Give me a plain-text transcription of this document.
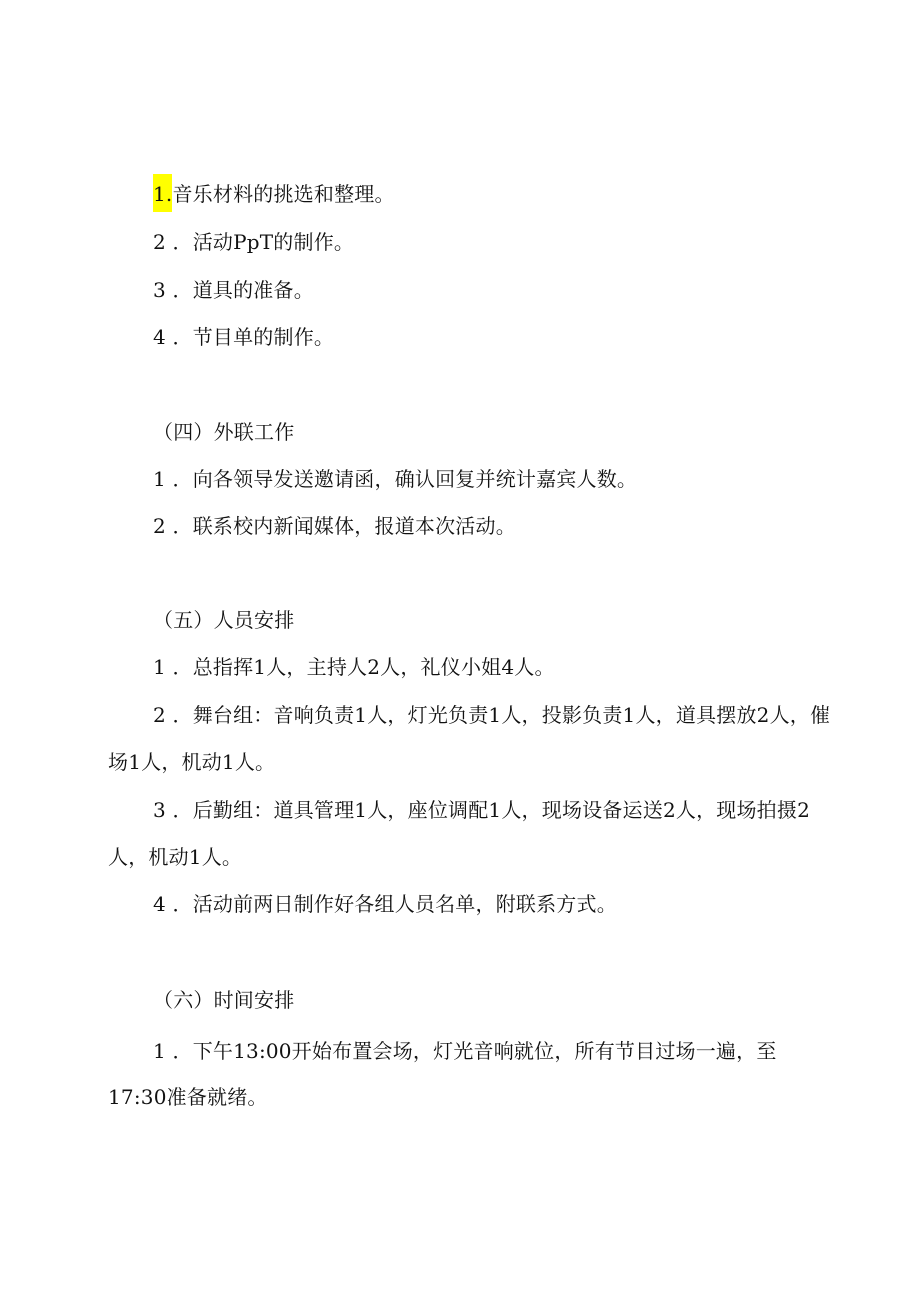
1.音乐材料的挑选和整理。
2 ．活动PpT的制作。
3 ．道具的准备。
4 ．节目单的制作。
（四）外联工作
1 ．向各领导发送邀请函，确认回复并统计嘉宾人数。
2 ．联系校内新闻媒体，报道本次活动。
（五）人员安排
1 ．总指挥1人，主持人2人，礼仪小姐4人。
2 ．舞台组：音响负责1人，灯光负责1人，投影负责1人，道具摆放2人，催
场1人，机动1人。
3 ．后勤组：道具管理1人，座位调配1人，现场设备运送2人，现场拍摄2
人，机动1人。
4 ．活动前两日制作好各组人员名单，附联系方式。
（六）时间安排
1 ．下午13:00开始布置会场，灯光音响就位，所有节目过场一遍，至
17:30准备就绪。
